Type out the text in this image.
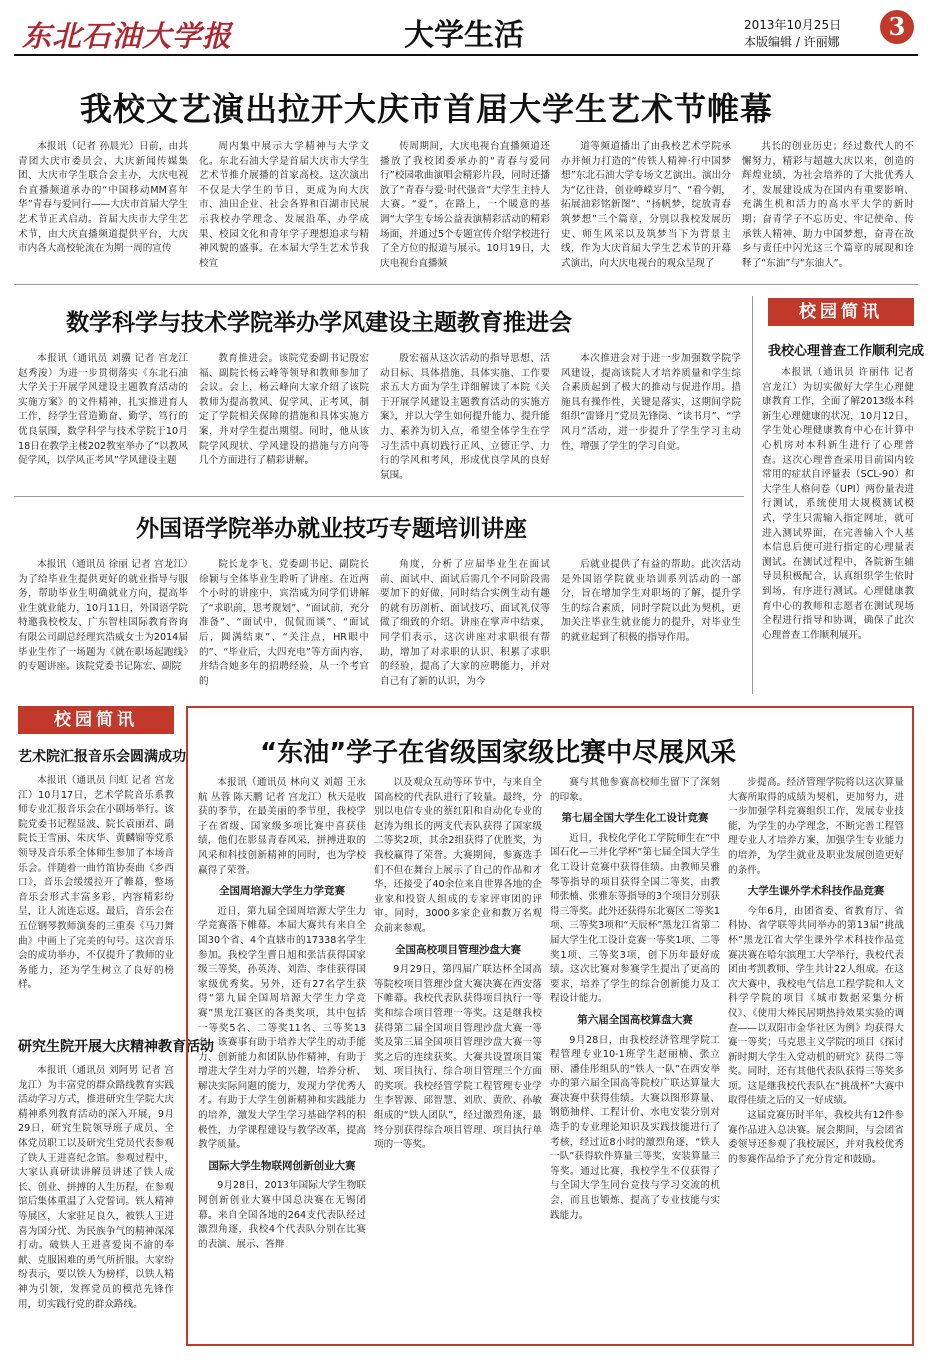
东北石油大学报	大学生活	2013年10月25日
本版编辑 / 许丽娜
3
我校文艺演出拉开大庆市首届大学生艺术节帷幕

本报讯（记者 孙晨光）日前，由共青团大庆市委员会、大庆新闻传媒集团、大庆市学生联合会主办，大庆电视台直播频道承办的“中国移动MM喜年华”青春与爱同行——大庆市首届大学生艺术节正式启动。首届大庆市大学生艺术节，由大庆直播频道提供平台，大庆市内各大高校轮流在为期一周的宣传

周内集中展示大学精神与大学文化。东北石油大学是首届大庆市大学生艺术节推介展播的首家高校。这次演出不仅是大学生的节日，更成为向大庆市、油田企业、社会各界和百湖市民展示我校办学理念、发展沿革、办学成果、校园文化和青年学子理想追求与精神风貌的盛事。在本届大学生艺术节我校宣

传周期间，大庆电视台直播频道还播放了我校团委承办的“青春与爱同行”校园歌曲演唱会精彩片段，同时还播放了“青春与爱·时代强音”大学生主持人大赛。“爱”，在路上，一个暖意的基调“大学生专场公益表演精彩活动的精彩场面，并通过5个专题宣传介绍学校进行了全方位的报道与展示。10月19日，大庆电视台直播频

道等频道播出了由我校艺术学院承办并倾力打造的“传铁人精神·行中国梦想”东北石油大学专场文艺演出。演出分为“亿往昔，创业峥嵘岁月”、“看今朝，拓展油彩铭新图”、“扬帆梦，绽放青春筑梦想”三个篇章，分别以我校发展历史、师生风采以及筑梦当下为背景主线，作为大庆首届大学生艺术节的开幕式演出，向大庆电视台的观众呈现了

共长的创业历史；经过数代人的不懈努力，精彩与超越大庆以来，创造的辉煌业绩，为社会培养的了大批优秀人才，发展建设成为在国内有重要影响、充满生机和活力的高水平大学的新时期；奋青学子不忘历史、牢记使命、传承铁人精神、助力中国梦想，奋青在故乡与责任中闪光这三个篇章的展现和诠释了“东油”与“东油人”。

数学科学与技术学院举办学风建设主题教育推进会

本报讯（通讯员 刘骥 记者 宫龙江 赵秀浚）为进一步贯彻落实《东北石油大学关于开展学风建设主题教育活动的实施方案》的文件精神，扎实推进育人工作，经学生营造勤奋、勤学、笃行的优良氛围，数学科学与技术学院于10月18日在教学主楼202教室举办了“以教风促学风，以学风正考风”学风建设主题

教育推进会。该院党委副书记殷宏福、副院长杨云峰等领导和教师参加了会议。会上，杨云峰向大家介绍了该院教师为提高教风、促学风、正考风，制定了学院相关保障的措施和具体实施方案，并对学生提出期望。同时，他从该院学风现状、学风建设的措施与方向等几个方面进行了精彩讲解。

殷宏福从这次活动的指导思想、活动目标、具体措施、具体实施、工作要求五大方面为学生详细解读了本院《关于开展学风建设主题教育活动的实施方案》，并以大学生如何提升能力、提升能力、素养为切入点，希望全体学生在学习生活中真切践行正风、立德正学、力行的学风和考风，形成优良学风的良好氛围。

本次推进会对于进一步加强数学院学风建设，提高该院人才培养质量和学生综合素质起到了极大的推动与促进作用。措施具有操作性，关键是落实，这期间学院组织“雷锋月”党员先锋岗、“读书月”、“学风月”活动，进一步提升了学生学习主动性，增强了学生的学习自觉。

外国语学院举办就业技巧专题培训讲座

本报讯（通讯员 徐丽 记者 宫龙江）为了给毕业生提供更好的就业指导与服务，帮助毕业生明确就业方向，提高毕业生就业能力，10月11日，外国语学院特邀我校校友、广东智桂国际教育咨询有限公司副总经理宾浩威女士为2014届毕业生作了一场题为《就在职场起跑线》的专题讲座。该院党委书记陈宏、副院

院长龙李飞、党委副书记、副院长徐颖与全体毕业生聆听了讲座。在近两个小时的讲座中，宾浩威为同学们讲解了“求职前，思考规划”、“面试前，充分准备”、“面试中，侃侃而谈”、“面试后，圆满结束”、“关注点，HR眼中的”、“毕业后，大四充电”等方面内容，并结合她多年的招聘经验，从一个考官的

角度，分析了应届毕业生在面试前、面试中、面试后需几个不同阶段需要加下的好做，同时结合实例生动有趣的就有历剖析、面试技巧、面试礼仪等做了细致的介绍。讲座在掌声中结束，同学们表示，这次讲座对求职很有帮助，增加了对求职的认识、积累了求职的经验，提高了大家的应聘能力，并对自己有了新的认识，为今

后就业提供了有益的帮助。此次活动是外国语学院就业培训系列活动的一部分，旨在增加学生对职场的了解，提升学生的综合素质，同时学院以此为契机，更加关注毕业生就业能力的提升，对毕业生的就业起到了积极的指导作用。

校园简讯
我校心理普查工作顺利完成

本报讯（通讯员 许丽伟 记者 宫龙江）为切实做好大学生心理健康教育工作，全面了解2013级本科新生心理健康的状况，10月12日，学生处心理健康教育中心在计算中心机房对本科新生进行了心理普查。这次心理普查采用目前国内较常用的症状自评量表（SCL-90）和大学生人格问卷（UPI）两份量表进行测试，系统使用大规模测试模式，学生只需输入指定网址，就可进入测试界面，在完善输入个人基本信息后便可进行指定的心理量表测试。在测试过程中，各院新生辅导员积极配合，认真组织学生依时到场，有序进行测试。心理健康教育中心的教师和志愿者在测试现场全程进行指导和协调，确保了此次心理普查工作顺利展开。

校园简讯
艺术院汇报音乐会圆满成功

本报讯（通讯员 闫虹 记者 宫龙江）10月17日，艺术学院音乐系教师专业汇报音乐会在小剧场举行。该院党委书记程显波、院长袁丽君、副院长王雪丽、朱庆华、黄麟锦等党系领导及音乐系全体师生参加了本场音乐会。伴随着一曲竹笛协奏曲《乡西口》，音乐会缓缓拉开了帷幕，整场音乐会形式丰富多彩，内容精彩纷呈，让人流连忘返。最后，音乐会在五位钢琴教师演奏的三重奏《马刀舞曲》中画上了完美的句号。这次音乐会的成功举办，不仅提升了教师的业务能力，还为学生树立了良好的榜样。

研究生院开展大庆精神教育活动

本报讯（通讯员 刘阿男 记者 宫龙江）为丰富党的群众路线教育实践活动学习方式，推进研究生学院大庆精神系列教育活动的深入开展，9月29日，研究生院领导班子成员、全体党员职工以及研究生党员代表参观了铁人王进喜纪念馆。参观过程中，大家认真研读讲解员讲述了铁人成长、创业、拼搏的人生历程，在参观馆后集体重温了入党誓词。铁人精神等展区，大家驻足良久，被铁人王进喜为国分忧、为民族争气的精神深深打动。破铁人王进喜爱岗不渝的奉献、克服困难的勇气所折服。大家纷纷表示，要以铁人为榜样，以铁人精神为引领，发挥党员的模范先锋作用，切实践行党的群众路线。

“东油”学子在省级国家级比赛中尽展风采

本报讯（通讯员 林向义 刘超 王永航 丛蓉 陈天鹏 记者 宫龙江）秋天是收获的季节，在最美丽的季节里，我校学子在省级、国家级多项比赛中喜获佳绩，他们在影显青春风采，拼搏进取的风采和科技创新精神的同时，也为学校赢得了荣誉。

全国周培源大学生力学竞赛

近日，第九届全国周培源大学生力学竞赛落下帷幕。本届大赛共有来自全国30个省、4个直辖市的17338名学生参加。我校学生曹日旭和张洁获得国家级三等奖，孙英涛、刘浩、李佳获得国家级优秀奖。另外，还有27名学生获得“第九届全国周培源大学生力学竞赛”黑龙江赛区的各类奖项，其中包括一等奖5名、二等奖11名、三等奖13名。该赛事有助于培养大学生的动手能力、创新能力和团队协作精神，有助于增进大学生对力学的兴趣，培养分析、解决实际问题的能力，发现力学优秀人才。有助于大学生创新精神和实践能力的培养，激发大学生学习基础学科的积极性，力学课程建设与教学改革，提高教学质量。

国际大学生物联网创新创业大赛

9月28日，2013年国际大学生物联网创新创业大赛中国总决赛在无锡闭幕。来自全国各地的264支代表队经过激烈角逐，我校4个代表队分别在比赛的表演、展示、答辩

以及观众互动等环节中，与来自全国高校的代表队进行了较量。最终，分别以电信专业的蔡红阳和自动化专业的赵涛为组长的两支代表队获得了国家级二等奖2项，其余2组获得了优胜奖，为我校赢得了荣誉。大赛期间，参赛选手们不但在舞台上展示了自己的作品和才华，还接受了40余位来自世界各地的企业家和投资人组成的专家评审团的评审。同时，3000多家企业和数万名观众前来参观。

全国高校项目管理沙盘大赛

9月29日，第四届广联达杯全国高等院校项目管理沙盘大赛决赛在西安落下帷幕。我校代表队获得项目执行一等奖和综合项目管理一等奖。这是继我校获得第二届全国项目管理沙盘大赛一等奖及第三届全国项目管理沙盘大赛一等奖之后的连续获奖。大赛共设置项目策划、项目执行、综合项目管理三个方面的奖项。我校经管学院工程管理专业学生李智源、邱智慧、刘欣、黄欣、孙敏组成的“铁人团队”，经过激烈角逐，最终分别获得综合项目管理、项目执行单项的一等奖。

赛与其他参赛高校师生留下了深刻的印象。

第七届全国大学生化工设计竞赛

近日，我校化学化工学院师生在“中国石化—三井化学杯”第七届全国大学生化工设计竞赛中获得佳绩。由教师吴雅琴等指导的项目获得全国二等奖，由教师张楠、张雅东等指导的3个项目分别获得三等奖。此外还获得东北赛区二等奖1项、三等奖3项和“天辰杯”黑龙江省第二届大学生化工设计竞赛一等奖1项、二等奖1项、三等奖3项，创下历年最好成绩。这次比赛对参赛学生提出了更高的要求，培养了学生的综合创新能力及工程设计能力。

第六届全国高校算盘大赛

9月28日，由我校经济管理学院工程管理专业10-1班学生赵丽楠、张立丽、潘佳彤组队的“铁人一队”在西安举办的第六届全国高等院校广联达算量大赛决赛中获得佳绩。大赛以图形算量、钢筋抽样、工程计价、水电安装分别对选手的专业理论知识及实践技能进行了考核，经过近8小时的激烈角逐，“铁人一队”获得软件算量三等奖，安装算量三等奖。通过比赛，我校学生不仅获得了与全国大学生同台竞技与学习交流的机会，而且也锻炼、提高了专业技能与实践能力。

步提高。经济管理学院将以这次算量大赛所取得的成绩为契机，更加努力，进一步加强学科竞赛组织工作，发展专业技能，为学生的办学理念，不断完善工程管理专业人才培养方案，加强学生专业能力的培养，为学生就业及职业发展创造更好的条件。

大学生课外学术科技作品竞赛

今年6月，由团省委、省教育厅、省科协、省学联等共同举办的第13届“挑战杯”黑龙江省大学生课外学术科技作品竞赛决赛在哈尔滨理工大学举行，我校代表团由考凯教师、学生共计22人组成。在这次大赛中，我校电气信息工程学院和人文科学学院的项目《城市数据采集分析仪》、《使用大棒民居期热持效果实验的调查——以双阳市金华社区为例》均获得大赛一等奖；马克思主义学院的项目《探讨新时期大学生入党动机的研究》获得二等奖。同时，还有其他代表队获得三等奖多项。这是继我校代表队在“挑战杯”大赛中取得佳绩之后的又一好成绩。

这届竞赛历时半年，我校共有12件参赛作品进入总决赛。展会期间，与会团省委领导还参观了我校展区，并对我校优秀的参赛作品给予了充分肯定和鼓励。
